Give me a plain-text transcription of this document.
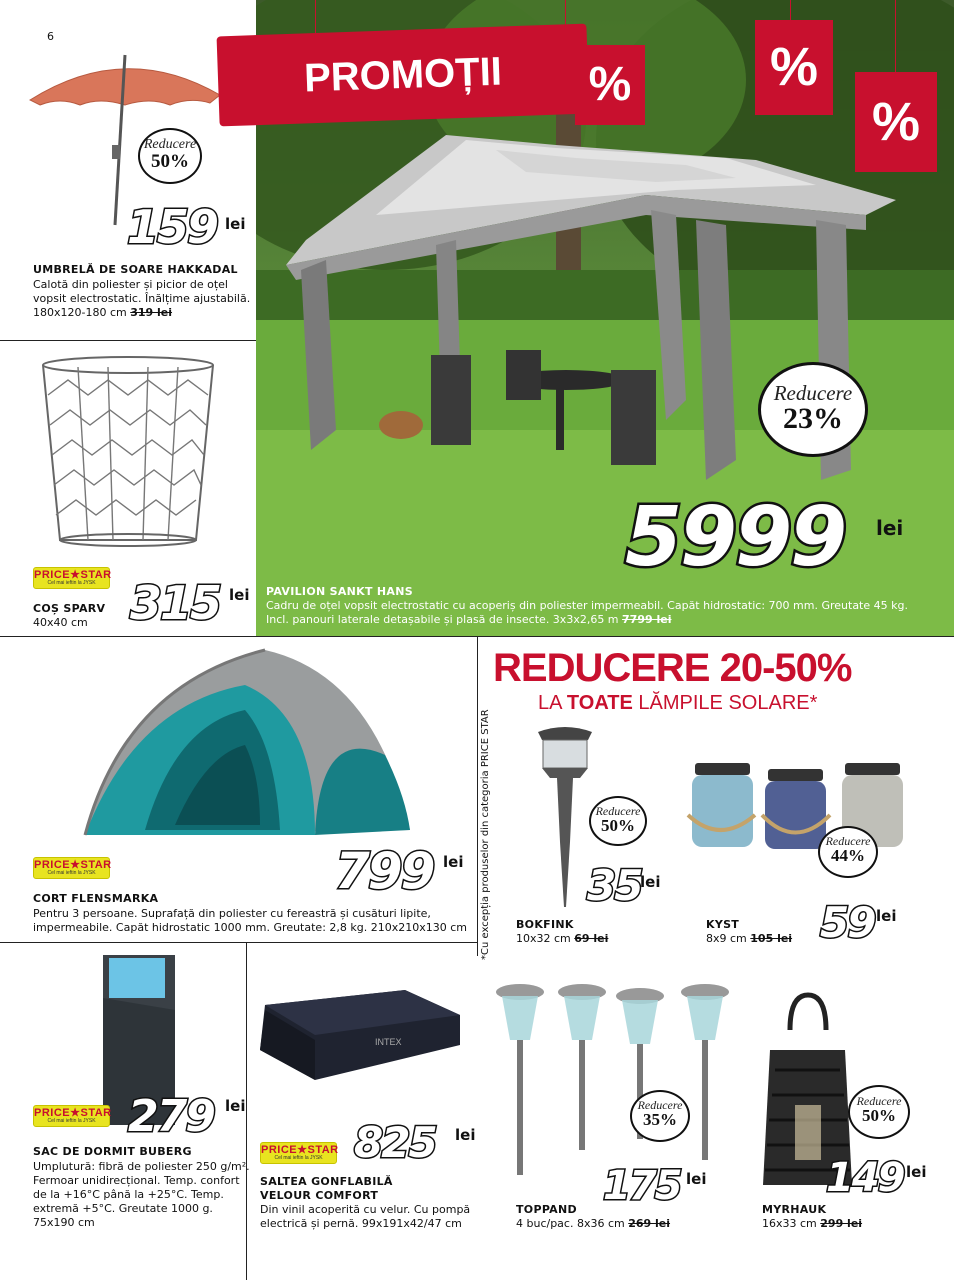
6
Reducere
50%
159 lei
UMBRELĂ DE SOARE HAKKADAL
Calotă din poliester și picior de oțel
vopsit electrostatic. Înălțime ajustabilă.
180x120-180 cm 319 lei
PRICE★STAR
Cel mai ieftin la JYSK 315 lei
COȘ SPARV
40x40 cm
PROMOȚII	%	%
%
Reducere
23%
5999 lei
PAVILION SANKT HANS
Cadru de oțel vopsit electrostatic cu acoperiș din poliester impermeabil. Capăt hidrostatic: 700 mm. Greutate 45 kg.
Incl. panouri laterale detașabile și plasă de insecte. 3x3x2,65 m 7799 lei
PRICE★STAR
Cel mai ieftin la JYSK	799 lei
CORT FLENSMARKA
Pentru 3 persoane. Suprafață din poliester cu fereastră și cusături lipite,
impermeabile. Capăt hidrostatic 1000 mm. Greutate: 2,8 kg. 210x210x130 cm
REDUCERE 20-50%
LA TOATE LĂMPILE SOLARE*
*Cu excepția produselor din categoria PRICE STAR	Reducere
50%
35
lei
BOKFINK
10x32 cm 69 lei
Reducere
44%
59 lei
KYST
8x9 cm 105 lei
PRICE★STAR
Cel mai ieftin la JYSK 279 lei
SAC DE DORMIT BUBERG
Umplutură: fibră de poliester 250 g/m².
Fermoar unidirecțional. Temp. confort
de la +16°C până la +25°C. Temp.
extremă +5°C. Greutate 1000 g.
75x190 cm
INTEX
PRICE★STAR
Cel mai ieftin la JYSK 825 lei
SALTEA GONFLABILĂ
VELOUR COMFORT
Din vinil acoperită cu velur. Cu pompă
electrică și pernă. 99x191x42/47 cm
Reducere
35%
175 lei
TOPPAND
4 buc/pac. 8x36 cm 269 lei
Reducere
50%
149 lei
MYRHAUK
16x33 cm 299 lei
